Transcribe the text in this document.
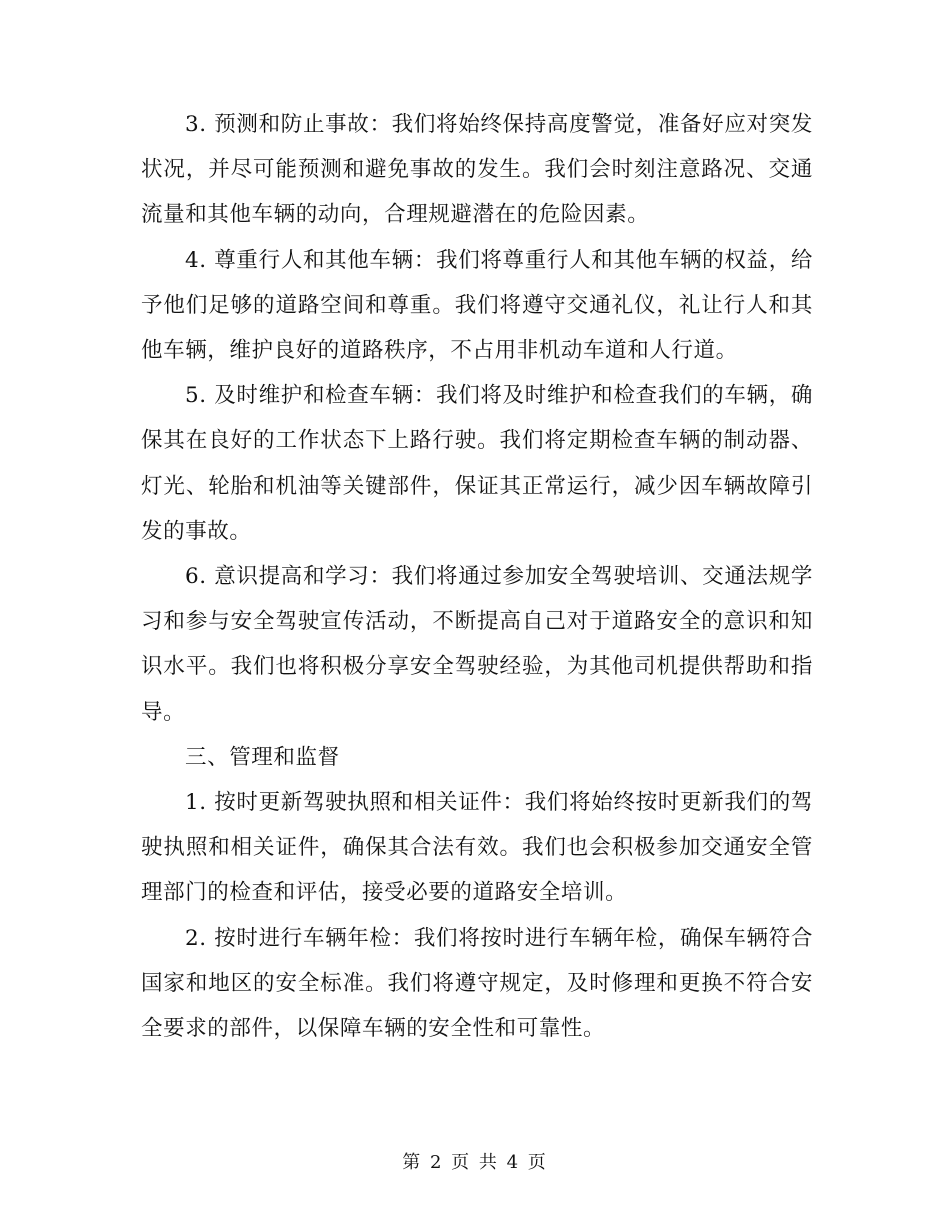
3. 预测和防止事故：我们将始终保持高度警觉，准备好应对突发状况，并尽可能预测和避免事故的发生。我们会时刻注意路况、交通流量和其他车辆的动向，合理规避潜在的危险因素。

4. 尊重行人和其他车辆：我们将尊重行人和其他车辆的权益，给予他们足够的道路空间和尊重。我们将遵守交通礼仪，礼让行人和其他车辆，维护良好的道路秩序，不占用非机动车道和人行道。

5. 及时维护和检查车辆：我们将及时维护和检查我们的车辆，确保其在良好的工作状态下上路行驶。我们将定期检查车辆的制动器、灯光、轮胎和机油等关键部件，保证其正常运行，减少因车辆故障引发的事故。

6. 意识提高和学习：我们将通过参加安全驾驶培训、交通法规学习和参与安全驾驶宣传活动，不断提高自己对于道路安全的意识和知识水平。我们也将积极分享安全驾驶经验，为其他司机提供帮助和指导。

三、管理和监督

1. 按时更新驾驶执照和相关证件：我们将始终按时更新我们的驾驶执照和相关证件，确保其合法有效。我们也会积极参加交通安全管理部门的检查和评估，接受必要的道路安全培训。

2. 按时进行车辆年检：我们将按时进行车辆年检，确保车辆符合国家和地区的安全标准。我们将遵守规定，及时修理和更换不符合安全要求的部件，以保障车辆的安全性和可靠性。

第 2 页 共 4 页
